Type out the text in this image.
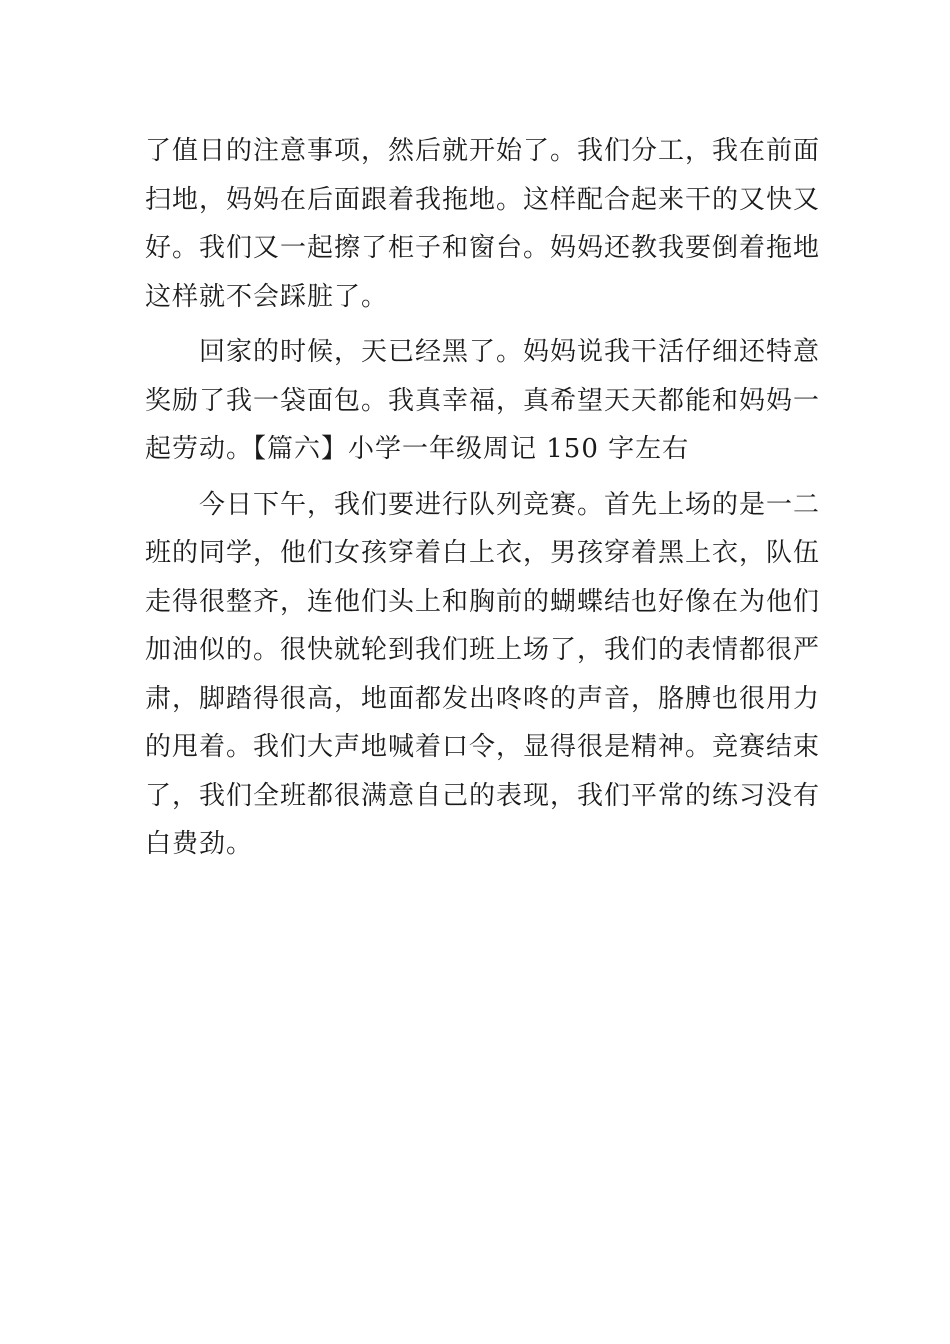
了值日的注意事项，然后就开始了。我们分工，我在前面
扫地，妈妈在后面跟着我拖地。这样配合起来干的又快又
好。我们又一起擦了柜子和窗台。妈妈还教我要倒着拖地
这样就不会踩脏了。
回家的时候，天已经黑了。妈妈说我干活仔细还特意
奖励了我一袋面包。我真幸福，真希望天天都能和妈妈一
起劳动。【篇六】小学一年级周记 150 字左右
今日下午，我们要进行队列竞赛。首先上场的是一二
班的同学，他们女孩穿着白上衣，男孩穿着黑上衣，队伍
走得很整齐，连他们头上和胸前的蝴蝶结也好像在为他们
加油似的。很快就轮到我们班上场了，我们的表情都很严
肃，脚踏得很高，地面都发出咚咚的声音，胳膊也很用力
的甩着。我们大声地喊着口令，显得很是精神。竞赛结束
了，我们全班都很满意自己的表现，我们平常的练习没有
白费劲。
